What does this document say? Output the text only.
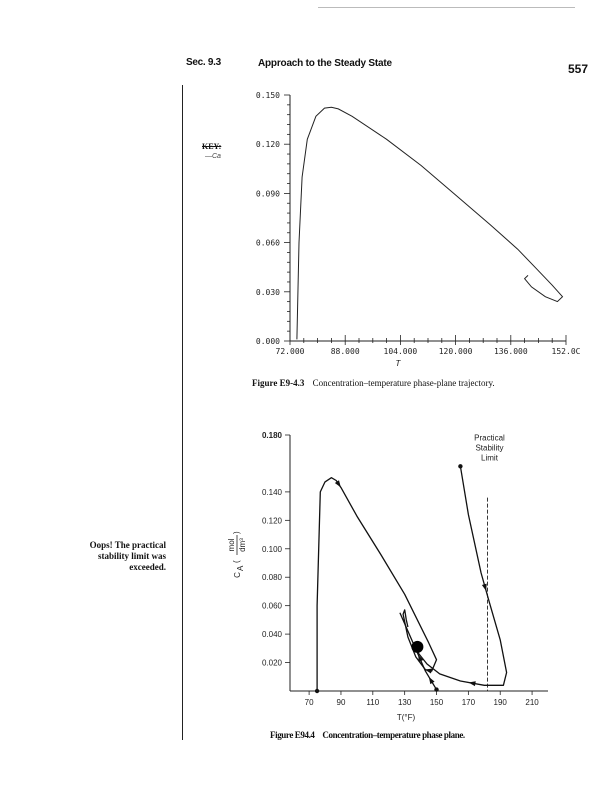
Sec. 9.3	Approach to the Steady State	557
KEY:
—Ca
Oops! The practical stability limit was exceeded.
0.000
0.030
0.060
0.090
0.120
0.150
72.000	88.000	104.000	120.000	136.000	152.0C
T
Figure E9-4.3 Concentration–temperature phase-plane trajectory.
0.020
0.040
0.060
0.080
0.100
0.120
0.140
0.180
70	90	110 130 150 170 190 210
C
A
(
mol dm³
)
T(°F)
Practical
Stability
Limit
Figure E94.4 Concentration–temperature phase plane.
